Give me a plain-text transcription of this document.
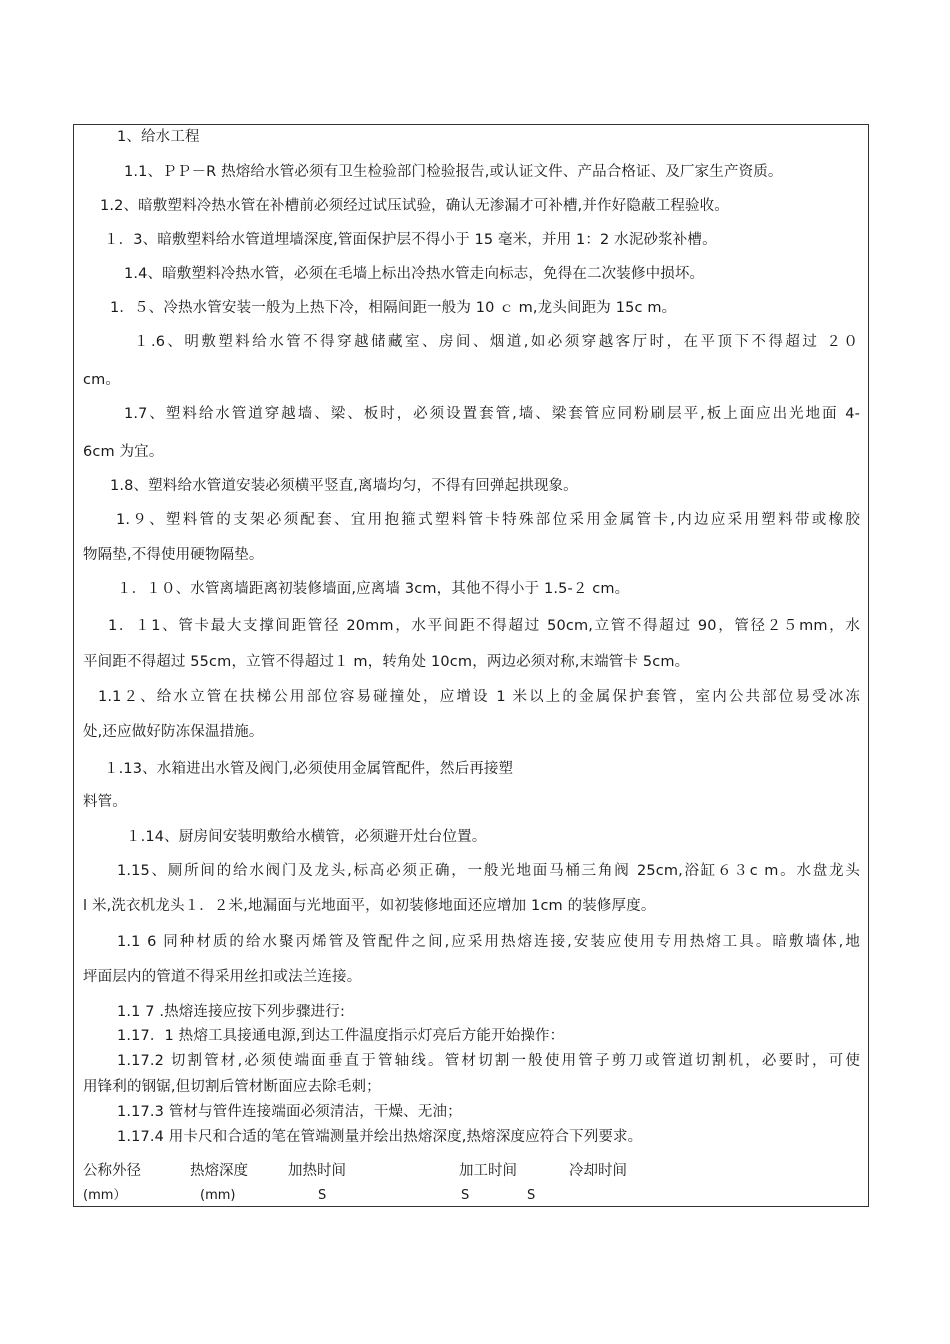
1、给水工程
1.1、ＰＰ－R 热熔给水管必须有卫生检验部门检验报告,或认证文件、产品合格证、及厂家生产资质。
1.2、暗敷塑料冷热水管在补槽前必须经过试压试验，确认无渗漏才可补槽,并作好隐蔽工程验收。
１．3、暗敷塑料给水管道埋墙深度,管面保护层不得小于 15 毫米，并用 1：2 水泥砂浆补槽。
1.4、暗敷塑料冷热水管，必须在毛墙上标出冷热水管走向标志，免得在二次装修中损坏。
1．５、冷热水管安装一般为上热下冷，相隔间距一般为 10 ｃ m,龙头间距为 15c m。
１.6、明敷塑料给水管不得穿越储藏室、房间、烟道,如必须穿越客厅时，在平顶下不得超过 ２０
cm。
1.7、塑料给水管道穿越墙、梁、板时，必须设置套管,墙、梁套管应同粉刷层平,板上面应出光地面 4-
6cm 为宜。
1.8、塑料给水管道安装必须横平竖直,离墙均匀，不得有回弹起拱现象。
1.９、塑料管的支架必须配套、宜用抱箍式塑料管卡特殊部位采用金属管卡,内边应采用塑料带或橡胶
物隔垫,不得使用硬物隔垫。
１．１０、水管离墙距离初装修墙面,应离墙 3cm，其他不得小于 1.5-２ cm。
1．１1、管卡最大支撑间距管径 20mm，水平间距不得超过 50cm,立管不得超过 90，管径２５mm，水
平间距不得超过 55cm，立管不得超过１ m，转角处 10cm，两边必须对称,末端管卡 5cm。
1.1２、给水立管在扶梯公用部位容易碰撞处，应增设 1 米以上的金属保护套管，室内公共部位易受冰冻
处,还应做好防冻保温措施。
１.13、水箱进出水管及阀门,必须使用金属管配件，然后再接塑
料管。
１.14、厨房间安装明敷给水横管，必须避开灶台位置。
1.15、厕所间的给水阀门及龙头,标高必须正确，一般光地面马桶三角阀 25cm,浴缸６３c m。水盘龙头
l 米,洗衣机龙头１．２米,地漏面与光地面平，如初装修地面还应增加 1cm 的装修厚度。
1.1 6 同种材质的给水聚丙烯管及管配件之间,应采用热熔连接,安装应使用专用热熔工具。暗敷墙体,地
坪面层内的管道不得采用丝扣或法兰连接。
1.1 7 .热熔连接应按下列步骤进行:
1.17．1 热熔工具接通电源,到达工件温度指示灯亮后方能开始操作：
1.17.2 切割管材,必须使端面垂直于管轴线。管材切割一般使用管子剪刀或管道切割机，必要时，可使
用锋利的钢锯,但切割后管材断面应去除毛刺；
1.17.3 管材与管件连接端面必须清洁，干燥、无油；
1.17.4 用卡尺和合适的笔在管端测量并绘出热熔深度,热熔深度应符合下列要求。
公称外径	热熔深度	加热时间	加工时间	冷却时间
(mm）	(mm)	S	S	S
